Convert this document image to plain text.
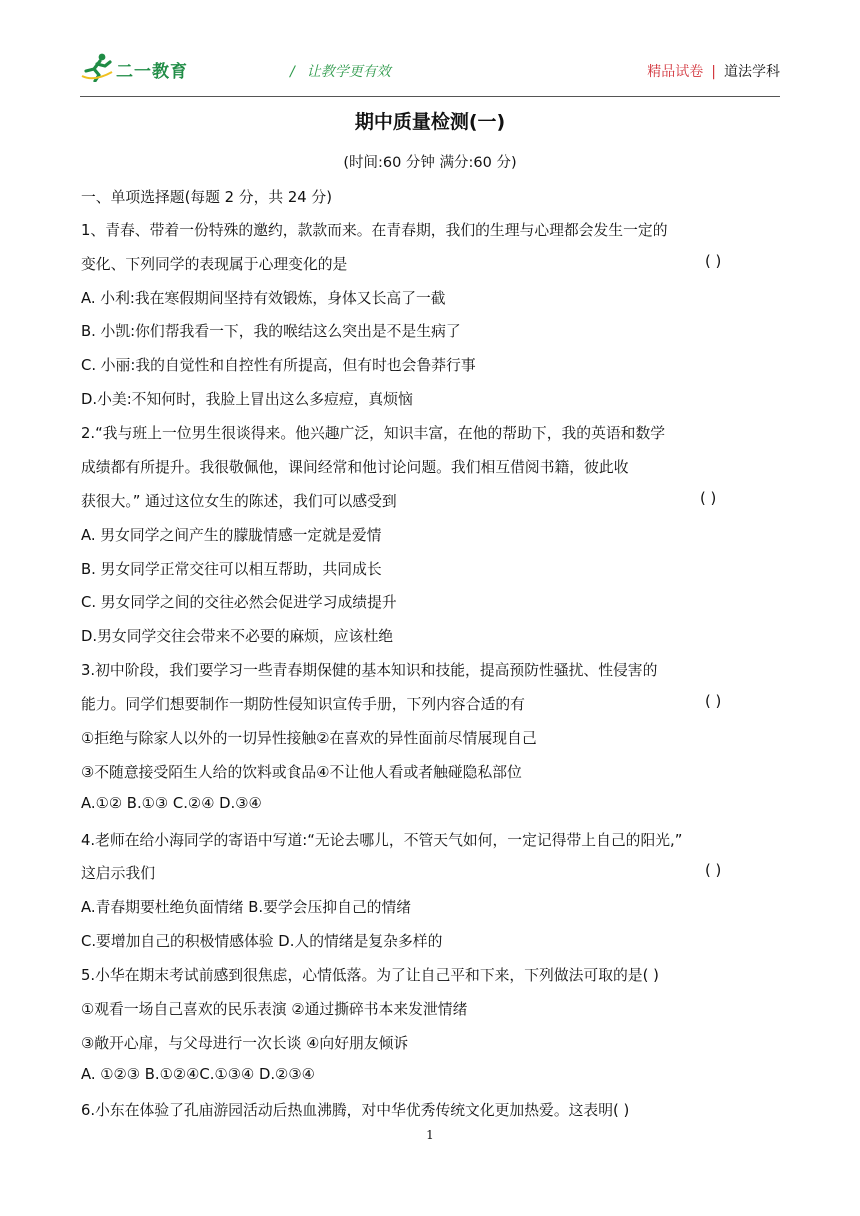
二一教育	/ 让教学更有效	精品试卷 | 道法学科
期中质量检测(一)
(时间:60 分钟 满分:60 分)
一、单项选择题(每题 2 分，共 24 分)
1、青春、带着一份特殊的邀约，款款而来。在青春期，我们的生理与心理都会发生一定的
变化、下列同学的表现属于心理变化的是	( )
A. 小利:我在寒假期间坚持有效锻炼，身体又长高了一截
B. 小凯:你们帮我看一下，我的喉结这么突出是不是生病了
C. 小丽:我的自觉性和自控性有所提高，但有时也会鲁莽行事
D.小美:不知何时，我脸上冒出这么多痘痘，真烦恼
2.“我与班上一位男生很谈得来。他兴趣广泛，知识丰富，在他的帮助下，我的英语和数学
成绩都有所提升。我很敬佩他，课间经常和他讨论问题。我们相互借阅书籍，彼此收
获很大。” 通过这位女生的陈述，我们可以感受到	( )
A. 男女同学之间产生的朦胧情感一定就是爱情
B. 男女同学正常交往可以相互帮助，共同成长
C. 男女同学之间的交往必然会促进学习成绩提升
D.男女同学交往会带来不必要的麻烦，应该杜绝
3.初中阶段，我们要学习一些青春期保健的基本知识和技能，提高预防性骚扰、性侵害的
能力。同学们想要制作一期防性侵知识宣传手册，下列内容合适的有	( )
①拒绝与除家人以外的一切异性接触②在喜欢的异性面前尽情展现自己
③不随意接受陌生人给的饮料或食品④不让他人看或者触碰隐私部位
A.①② B.①③ C.②④ D.③④
4.老师在给小海同学的寄语中写道:“无论去哪儿，不管天气如何，一定记得带上自己的阳光,”
这启示我们	( )
A.青春期要杜绝负面情绪 B.要学会压抑自己的情绪
C.要增加自己的积极情感体验 D.人的情绪是复杂多样的
5.小华在期末考试前感到很焦虑，心情低落。为了让自己平和下来，下列做法可取的是( )
①观看一场自己喜欢的民乐表演 ②通过撕碎书本来发泄情绪
③敞开心扉，与父母进行一次长谈 ④向好朋友倾诉
A. ①②③ B.①②④C.①③④ D.②③④
6.小东在体验了孔庙游园活动后热血沸腾，对中华优秀传统文化更加热爱。这表明( )
1
